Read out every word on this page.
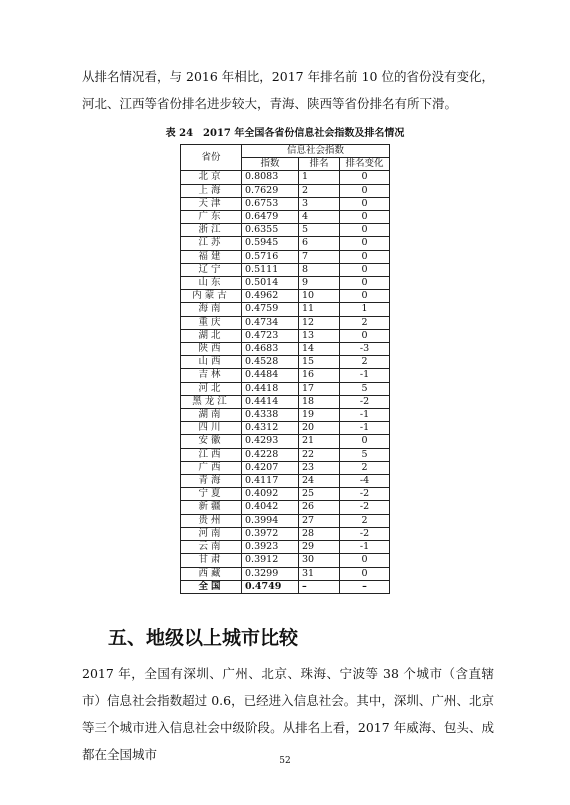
从排名情况看，与 2016 年相比，2017 年排名前 10 位的省份没有变化，河北、江西等省份排名进步较大，青海、陕西等省份排名有所下滑。

表 24　2017 年全国各省份信息社会指数及排名情况

省份	信息社会指数		
	指数	排名	排名变化
北京	0.8083	1	0
上海	0.7629	2	0
天津	0.6753	3	0
广东	0.6479	4	0
浙江	0.6355	5	0
江苏	0.5945	6	0
福建	0.5716	7	0
辽宁	0.5111	8	0
山东	0.5014	9	0
内蒙古	0.4962	10	0
海南	0.4759	11	1
重庆	0.4734	12	2
湖北	0.4723	13	0
陕西	0.4683	14	-3
山西	0.4528	15	2
吉林	0.4484	16	-1
河北	0.4418	17	5
黑龙江	0.4414	18	-2
湖南	0.4338	19	-1
四川	0.4312	20	-1
安徽	0.4293	21	0
江西	0.4228	22	5
广西	0.4207	23	2
青海	0.4117	24	-4
宁夏	0.4092	25	-2
新疆	0.4042	26	-2
贵州	0.3994	27	2
河南	0.3972	28	-2
云南	0.3923	29	-1
甘肃	0.3912	30	0
西藏	0.3299	31	0
全国	0.4749	–	–
五、地级以上城市比较

2017 年，全国有深圳、广州、北京、珠海、宁波等 38 个城市（含直辖市）信息社会指数超过 0.6，已经进入信息社会。其中，深圳、广州、北京等三个城市进入信息社会中级阶段。从排名上看，2017 年威海、包头、成都在全国城市	52
